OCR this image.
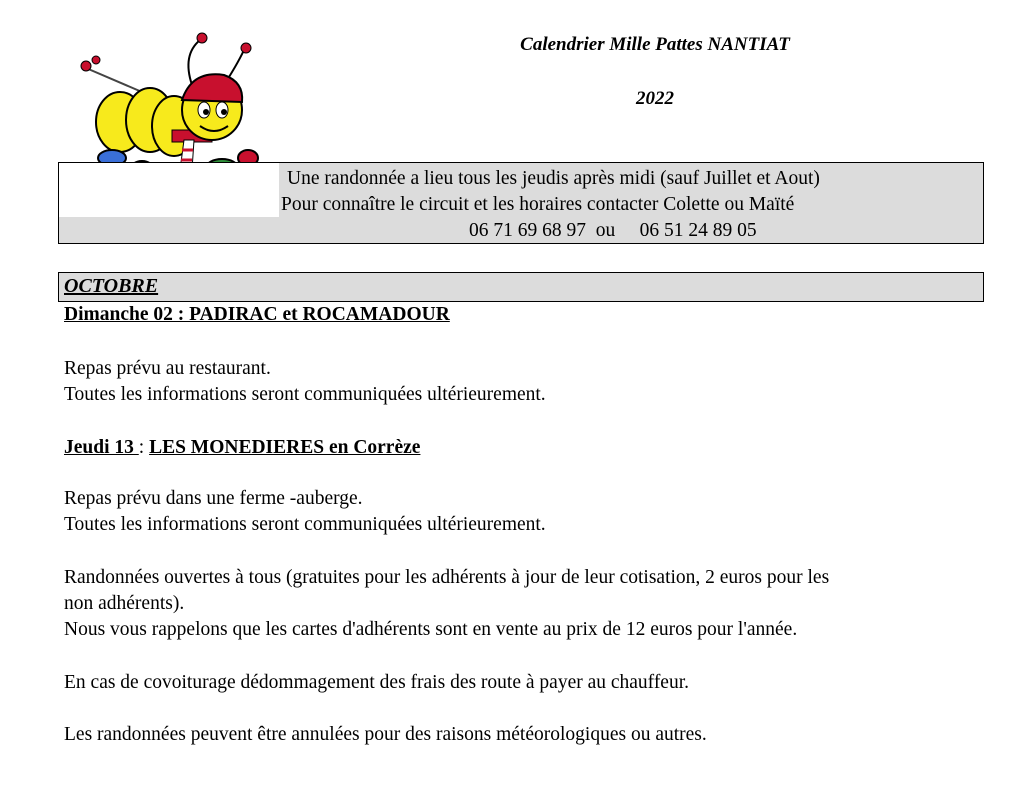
Calendrier Mille Pattes NANTIAT
2022
Une randonnée a lieu tous les jeudis après midi (sauf Juillet et Aout)
Pour connaître le circuit et les horaires contacter Colette ou Maïté
06 71 69 68 97 ou 06 51 24 89 05
OCTOBRE
Dimanche 02 : PADIRAC et ROCAMADOUR
Repas prévu au restaurant.
Toutes les informations seront communiquées ultérieurement.
Jeudi 13 : LES MONEDIERES en Corrèze
Repas prévu dans une ferme -auberge.
Toutes les informations seront communiquées ultérieurement.
Randonnées ouvertes à tous (gratuites pour les adhérents à jour de leur cotisation, 2 euros pour les
non adhérents).
Nous vous rappelons que les cartes d'adhérents sont en vente au prix de 12 euros pour l'année.
En cas de covoiturage dédommagement des frais des route à payer au chauffeur.
Les randonnées peuvent être annulées pour des raisons météorologiques ou autres.
